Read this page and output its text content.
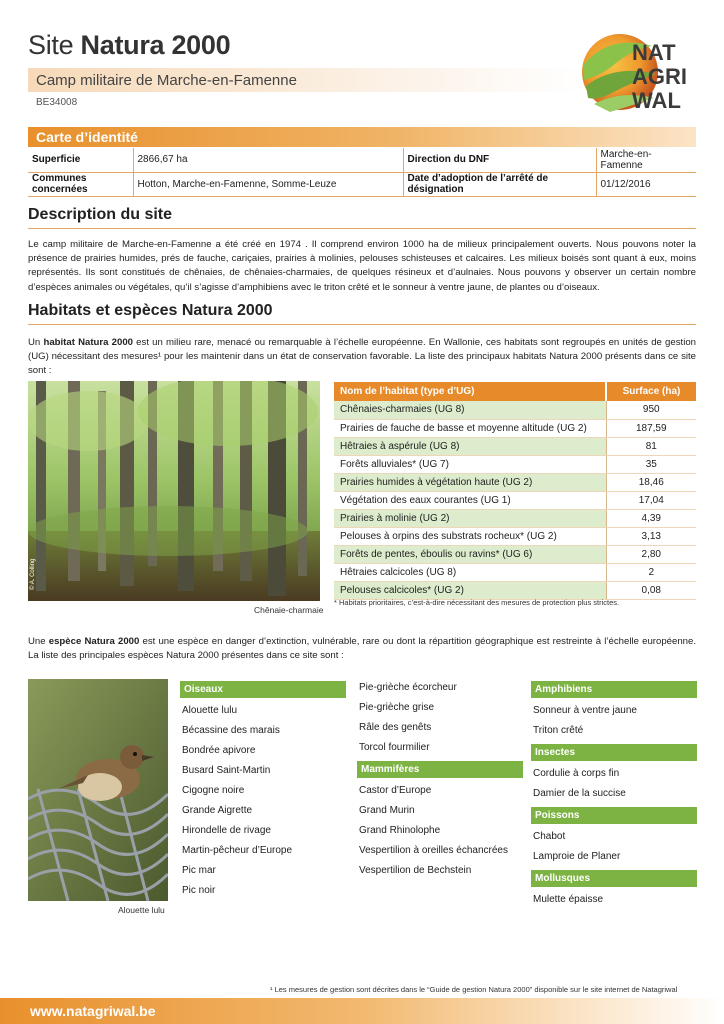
Site Natura 2000
Camp militaire de Marche-en-Famenne
BE34008
NAT
AGRI
WAL
Carte d’identité
Superficie	2866,67 ha	Direction du DNF	Marche-en-Famenne
Communes concernées	Hotton, Marche-en-Famenne, Somme-Leuze	Date d’adoption de l’arrêté de désignation	01/12/2016
Description du site
Le camp militaire de Marche-en-Famenne a été créé en 1974 . Il comprend environ 1000 ha de milieux principalement ouverts. Nous pouvons noter la présence de prairies humides, prés de fauche, cariçaies, prairies à molinies, pelouses schisteuses et calcaires. Les milieux boisés sont quant à eux, moins représentés. Ils sont constitués de chênaies, de chênaies-charmaies, de quelques résineux et d’aulnaies. Nous pouvons y observer un certain nombre d’espèces animales ou végétales, qu’il s’agisse d’amphibiens avec le triton crêté et le sonneur à ventre jaune, de plantes ou d’oiseaux.
Habitats et espèces Natura 2000
Un habitat Natura 2000 est un milieu rare, menacé ou remarquable à l’échelle européenne. En Wallonie, ces habitats sont regroupés en unités de gestion (UG) nécessitant des mesures¹ pour les maintenir dans un état de conservation favorable. La liste des principaux habitats Natura 2000 présents dans ce site sont :
© A. Colling
Chênaie-charmaie
Nom de l’habitat (type d’UG)	Surface (ha)
Chênaies-charmaies (UG 8)	950
Prairies de fauche de basse et moyenne altitude (UG 2)	187,59
Hêtraies à aspérule (UG 8)	81
Forêts alluviales* (UG 7)	35
Prairies humides à végétation haute (UG 2)	18,46
Végétation des eaux courantes (UG 1)	17,04
Prairies à molinie (UG 2)	4,39
Pelouses à orpins des substrats rocheux* (UG 2)	3,13
Forêts de pentes, éboulis ou ravins* (UG 6)	2,80
Hêtraies calcicoles (UG 8)	2
Pelouses calcicoles* (UG 2)	0,08
* Habitats prioritaires, c’est-à-dire nécessitant des mesures de protection plus strictes.
Une espèce Natura 2000 est une espèce en danger d’extinction, vulnérable, rare ou dont la répartition géographique est restreinte à l’échelle européenne. La liste des principales espèces Natura 2000 présentes dans ce site sont :
Alouette lulu
Oiseaux
Alouette lulu
Bécassine des marais
Bondrée apivore
Busard Saint-Martin
Cigogne noire
Grande Aigrette
Hirondelle de rivage
Martin-pêcheur d’Europe
Pic mar
Pic noir
Pie-grièche écorcheur
Pie-grièche grise
Râle des genêts
Torcol fourmilier
Mammifères
Castor d’Europe
Grand Murin
Grand Rhinolophe
Vespertilion à oreilles échancrées
Vespertilion de Bechstein
Amphibiens
Sonneur à ventre jaune
Triton crêté
Insectes
Cordulie à corps fin
Damier de la succise
Poissons
Chabot
Lamproie de Planer
Mollusques
Mulette épaisse
¹ Les mesures de gestion sont décrites dans le “Guide de gestion Natura 2000” disponible sur le site internet de Natagriwal
www.natagriwal.be
